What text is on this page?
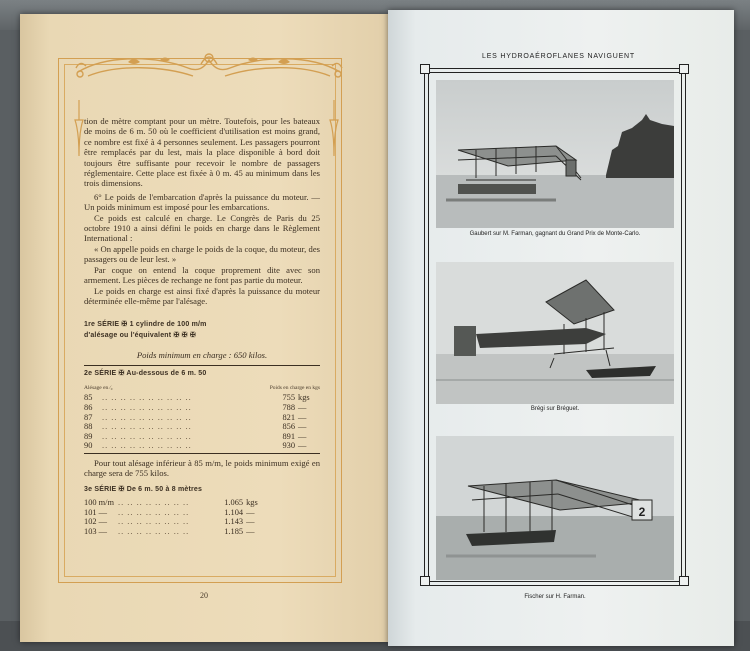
tion de mètre comptant pour un mètre. Toutefois, pour les bateaux de moins de 6 m. 50 où le coefficient d'utilisation est moins grand, ce nombre est fixé à 4 personnes seulement. Les passagers pourront être remplacés par du lest, mais la place disponible à bord doit toujours être suffisante pour recevoir le nombre de passagers réglementaire. Cette place est fixée à 0 m. 45 au minimum dans les trois dimensions.

6° Le poids de l'embarcation d'après la puissance du moteur. — Un poids minimum est imposé pour les embarcations.

Ce poids est calculé en charge. Le Congrès de Paris du 25 octobre 1910 a ainsi défini le poids en charge dans le Règlement International :

« On appelle poids en charge le poids de la coque, du moteur, des passagers ou de leur lest. »

Par coque on entend la coque proprement dite avec son armement. Les pièces de rechange ne font pas partie du moteur.

Le poids en charge est ainsi fixé d'après la puissance du moteur déterminée elle-même par l'alésage.

1re SÉRIE ✠ 1 cylindre de 100 m/m
d'alésage ou l'équivalent ✠ ✠ ✠
Poids minimum en charge : 650 kilos.
2e SÉRIE ✠ Au-dessous de 6 m. 50
Alésage en ⁄₀	Poids en charge en kgs
85	.. .. .. .. .. .. .. .. .. ..	755	kgs
86	.. .. .. .. .. .. .. .. .. ..	788	—
87	.. .. .. .. .. .. .. .. .. ..	821	—
88	.. .. .. .. .. .. .. .. .. ..	856	—
89	.. .. .. .. .. .. .. .. .. ..	891	—
90	.. .. .. .. .. .. .. .. .. ..	930	—

Pour tout alésage inférieur à 85 m/m, le poids minimum exigé en charge sera de 755 kilos.

3e SÉRIE ✠ De 6 m. 50 à 8 mètres
100 m/m	.. .. .. .. .. .. .. ..	1.065	kgs
101 —	.. .. .. .. .. .. .. ..	1.104	—
102 —	.. .. .. .. .. .. .. ..	1.143	—
103 —	.. .. .. .. .. .. .. ..	1.185	—
20
LES HYDROAÉROFLANES NAVIGUENT
Gaubert sur M. Farman, gagnant du Grand Prix de Monte-Carlo.
Brégi sur Bréguet.
2
Fischer sur H. Farman.
